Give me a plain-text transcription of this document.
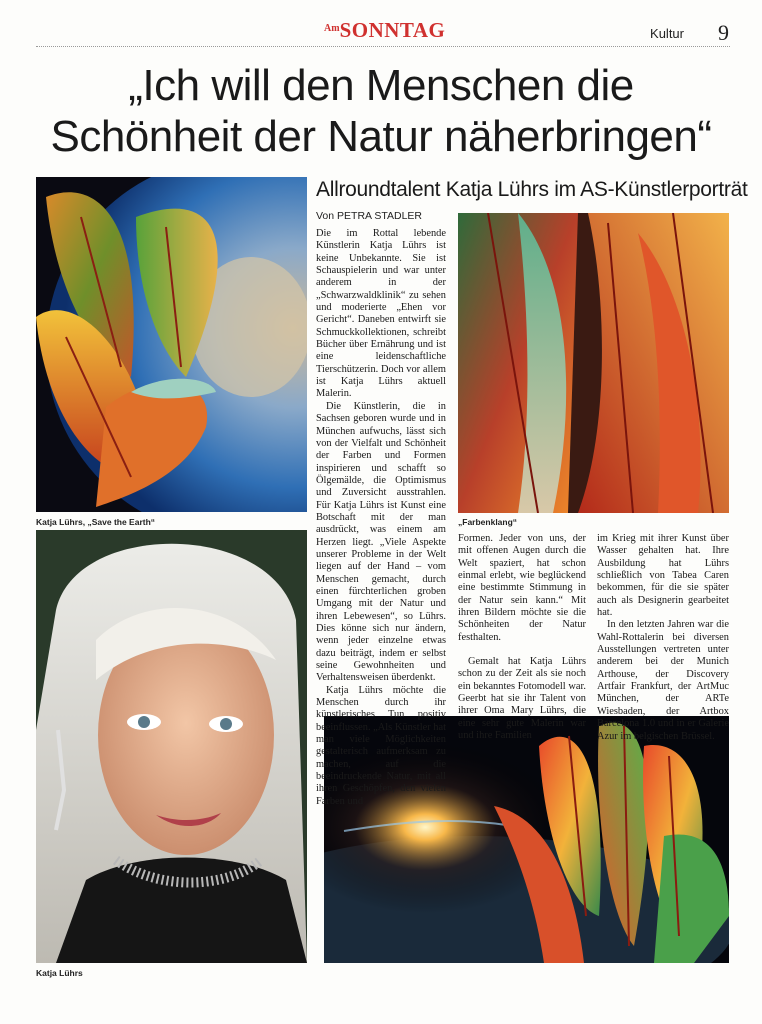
$^{Am}$SONNTAG	Kultur 9
„Ich will den Menschen die
Schönheit der Natur näherbringen“
Allroundtalent Katja Lührs im AS-Künstlerporträt
Von PETRA STADLER
Katja Lührs, „Save the Earth“	„Farbenklang“
Katja Lührs

Die im Rottal lebende Künstlerin Katja Lührs ist keine Unbekannte. Sie ist Schauspielerin und war unter anderem in der „Schwarzwaldklinik“ zu sehen und moderierte „Ehen vor Gericht“. Daneben entwirft sie Schmuckkollektionen, schreibt Bücher über Ernährung und ist eine leidenschaftliche Tierschützerin. Doch vor allem ist Katja Lührs aktuell Malerin.

Die Künstlerin, die in Sachsen geboren wurde und in München aufwuchs, lässt sich von der Vielfalt und Schönheit der Farben und Formen inspirieren und schafft so Ölgemälde, die Optimismus und Zuversicht ausstrahlen. Für Katja Lührs ist Kunst eine Botschaft mit der man ausdrückt, was einem am Herzen liegt. „Viele Aspekte unserer Probleme in der Welt liegen auf der Hand – vom Menschen gemacht, durch einen fürchterlichen groben Umgang mit der Natur und ihren Lebewesen“, so Lührs. Dies könne sich nur ändern, wenn jeder einzelne etwas dazu beiträgt, indem er selbst seine Gewohnheiten und Verhaltensweisen überdenkt.

Katja Lührs möchte die Menschen durch ihr künstlerisches Tun positiv beeinflussen. „Als Künstler hat man viele Möglichkeiten gestalterisch aufmerksam zu machen, auf die beeindruckende Natur, mit all ihren Geschöpfen, den vielen Farben und

Formen. Jeder von uns, der mit offenen Augen durch die Welt spaziert, hat schon einmal erlebt, wie beglückend eine bestimmte Stimmung in der Natur sein kann.“ Mit ihren Bildern möchte sie die Schönheiten der Natur festhalten.

Gemalt hat Katja Lührs schon zu der Zeit als sie noch ein bekanntes Fotomodell war. Geerbt hat sie ihr Talent von ihrer Oma Mary Lührs, die eine sehr gute Malerin war und ihre Familien

im Krieg mit ihrer Kunst über Wasser gehalten hat. Ihre Ausbildung hat Lührs schließlich von Tabea Caren bekommen, für die sie später auch als Designerin gearbeitet hat.

In den letzten Jahren war die Wahl-Rottalerin bei diversen Ausstellungen vertreten unter anderem bei der Munich Arthouse, der Discovery Artfair Frankfurt, der ArtMuc München, der ARTe Wiesbaden, der Artbox Barcelona 1.0 und in er Galerie Azur im belgischen Brüssel.
